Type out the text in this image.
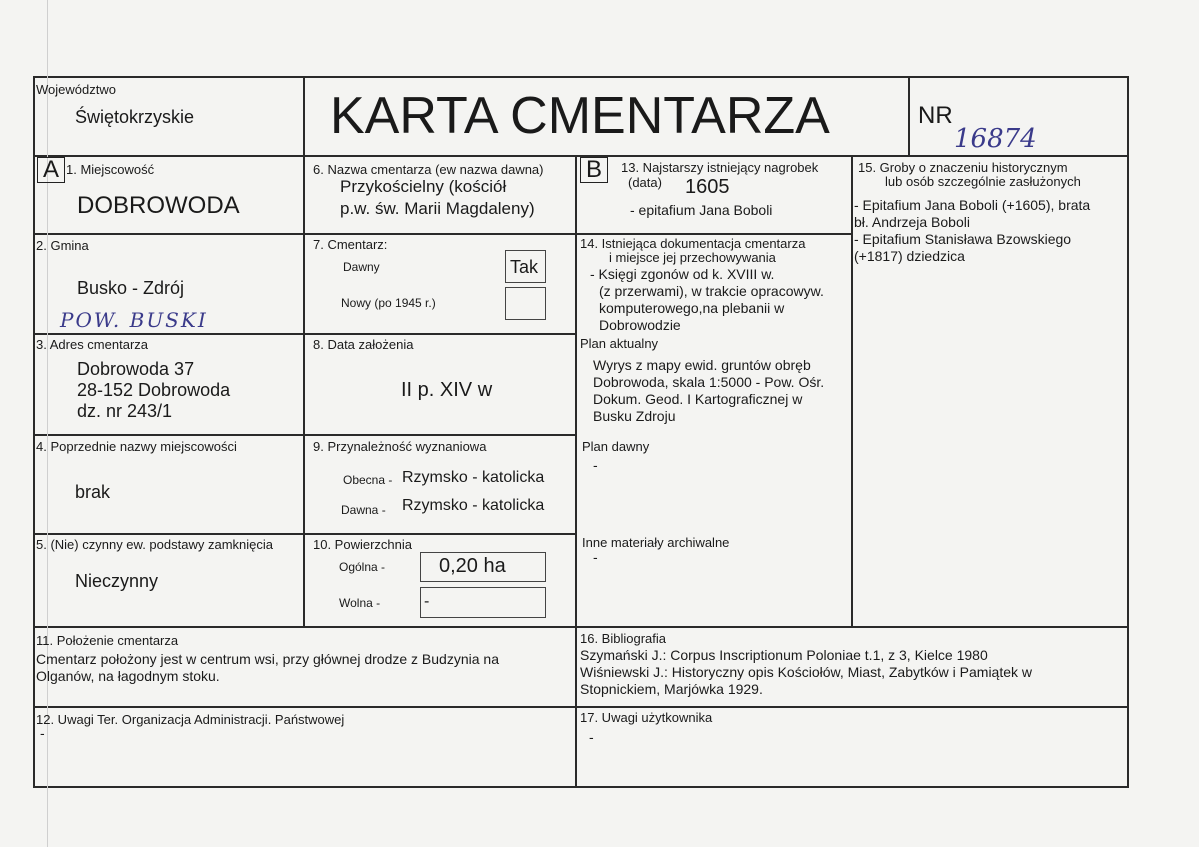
Województwo
Świętokrzyskie	KARTA CMENTARZA	NR
16874
A	B
1. Miejscowość
DOBROWODA
2. Gmina
Busko - Zdrój
POW. BUSKI
3. Adres cmentarza
Dobrowoda 37
28-152 Dobrowoda
dz. nr 243/1
4. Poprzednie nazwy miejscowości
brak
5. (Nie) czynny ew. podstawy zamknięcia
Nieczynny
6. Nazwa cmentarza (ew nazwa dawna)
Przykościelny (kościół
p.w. św. Marii Magdaleny)
7. Cmentarz:
Dawny	Tak
Nowy (po 1945 r.)
8. Data założenia
II p. XIV w
9. Przynależność wyznaniowa
Obecna - Rzymsko - katolicka
Dawna - Rzymsko - katolicka
10. Powierzchnia
Ogólna -	0,20 ha
Wolna -	-
13. Najstarszy istniejący nagrobek
(data) 1605
- epitafium Jana Boboli
14. Istniejąca dokumentacja cmentarza
i miejsce jej przechowywania
- Księgi zgonów od k. XVIII w.
(z przerwami), w trakcie opracowyw.
komputerowego,na plebanii w
Dobrowodzie
Plan aktualny
Wyrys z mapy ewid. gruntów obręb
Dobrowoda, skala 1:5000 - Pow. Ośr.
Dokum. Geod. I Kartograficznej w
Busku Zdroju
Plan dawny
-
Inne materiały archiwalne
-
15. Groby o znaczeniu historycznym
lub osób szczególnie zasłużonych
- Epitafium Jana Boboli (+1605), brata
bł. Andrzeja Boboli
- Epitafium Stanisława Bzowskiego
(+1817) dziedzica
11. Położenie cmentarza
Cmentarz położony jest w centrum wsi, przy głównej drodze z Budzynia na
Olganów, na łagodnym stoku.
16. Bibliografia
Szymański J.: Corpus Inscriptionum Poloniae t.1, z 3, Kielce 1980
Wiśniewski J.: Historyczny opis Kościołów, Miast, Zabytków i Pamiątek w
Stopnickiem, Marjówka 1929.
12. Uwagi Ter. Organizacja Administracji. Państwowej
-
17. Uwagi użytkownika
-
